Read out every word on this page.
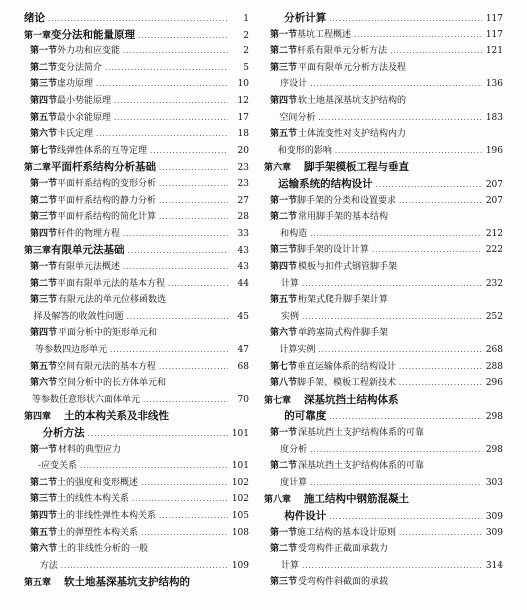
绪论 .....	1
第一章 变分法和能量原理 .....	2
第一节 外力功和应变能 .....	2
第二节 变分法简介 .....	5
第三节 虚功原理 .....	10
第四节 最小势能原理 .....	12
第五节 最小余能原理 .....	17
第六节 卡氏定理 .....	18
第七节 线弹性体系的互等定理 .....	20
第二章 平面杆系结构分析基础 .....	23
第一节 平面杆系结构的变形分析 .....	23
第二节 平面杆系结构的静力分析 .....	27
第三节 平面杆系结构的简化计算 .....	28
第四节 杆件的物理方程 .....	33
第三章 有限单元法基础 .....	43
第一节 有限单元法概述 .....	43
第二节 平面有限单元法的基本方程 .....	44
第三节 有限元法的单元位移函数选
择及解答的收敛性问题 .....	45
第四节 平面分析中的矩形单元和
等参数四边形单元 .....	47
第五节 空间有限元法的基本方程 .....	68
第六节 空间分析中的长方体单元和
等参数任意形状六面体单元 .....	70
第四章	土的本构关系及非线性
分析方法 .....	101
第一节 材料的典型应力
-应变关系 .....	101
第二节 土的强度和变形概述 .....	102
第三节 土的线性本构关系 .....	102
第四节 土的非线性弹性本构关系 .....	105
第五节 土的弹塑性本构关系 .....	108
第六节 土的非线性分析的一般
方法 .....	109
第五章	软土地基深基坑支护结构的
分析计算 .....	117
第一节 基坑工程概述 .....	117
第二节 杆系有限单元分析方法 .....	121
第三节 平面有限单元分析方法及程
序设计 .....	136
第四节 软土地基深基坑支护结构的
空间分析 .....	183
第五节 土体流变性对支护结构内力
和变形的影响 .....	196
第六章	脚手架模板工程与垂直
运输系统的结构设计 .....	207
第一节 脚手架的分类和设置要求 .....	207
第二节 常用脚手架的基本结构
和构造 .....	212
第三节 脚手架的设计计算 .....	222
第四节 模板与扣件式钢管脚手架
计算 .....	232
第五节 桁架式爬升脚手架计算
实例 .....	252
第六节 单跨塞筒式构件脚手架
计算实例 .....	268
第七节 垂直运输体系的结构设计 .....	288
第八节 脚手架、模板工程新技术 .....	296
第七章	深基坑挡土结构体系
的可靠度 .....	298
第一节 深基坑挡土支护结构体系的可靠
度分析 .....	298
第二节 深基坑挡土支护结构体系的可靠
度计算 .....	303
第八章	施工结构中钢筋混凝土
构件设计 .....	309
第一节 施工结构的基本设计原则 .....	309
第二节 受弯构件正截面承载力
计算 .....	314
第三节 受弯构件斜截面的承载
